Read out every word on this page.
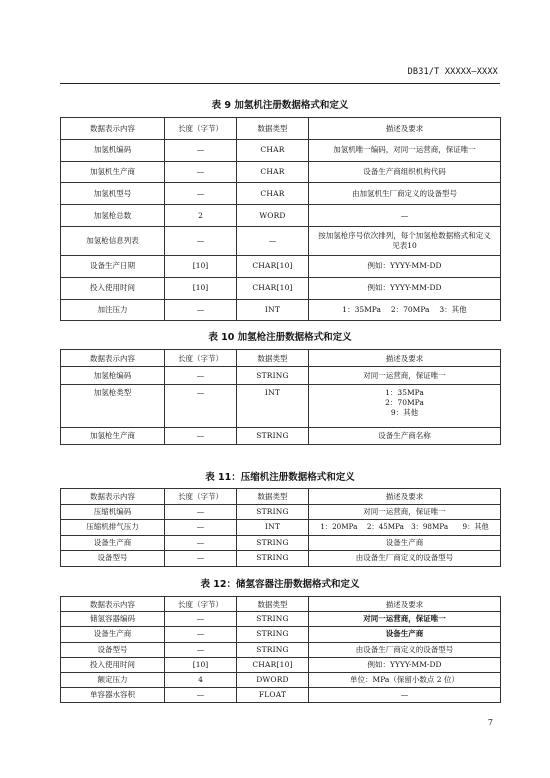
DB31/T XXXXX—XXXX
表 9 加氢机注册数据格式和定义
数据表示内容	长度（字节）	数据类型	描述及要求
加氢机编码	—	CHAR	加氢机唯一编码，对同一运营商，保证唯一
加氢机生产商	—	CHAR	设备生产商组织机构代码
加氢机型号	—	CHAR	由加氢机生厂商定义的设备型号
加氢枪总数	2	WORD	—
加氢枪信息列表	—	—	按加氢枪序号依次排列，每个加氢枪数据格式和定义见表10
设备生产日期	[10]	CHAR[10]	例如：YYYY-MM-DD
投入使用时间	[10]	CHAR[10]	例如：YYYY-MM-DD
加注压力	—	INT	1：35MPa　 2：70MPa　 3：其他
表 10 加氢枪注册数据格式和定义
数据表示内容	长度（字节）	数据类型	描述及要求
加氢枪编码	—	STRING	对同一运营商，保证唯一
加氢枪类型	—	INT	1：35MPa
2：70MPa
9：其他

加氢枪生产商	—	STRING	设备生产商名称
表 11：压缩机注册数据格式和定义
数据表示内容	长度（字节）	数据类型	描述及要求
压缩机编码	—	STRING	对同一运营商，保证唯一
压缩机排气压力	—	INT	1：20MPa　 2：45MPa　3：98MPa　　9：其他
设备生产商	—	STRING	设备生产商
设备型号	—	STRING	由设备生厂商定义的设备型号
表 12：储氢容器注册数据格式和定义
数据表示内容	长度（字节）	数据类型	描述及要求
储氢容器编码	—	STRING	对同一运营商，保证唯一
设备生产商	—	STRING	设备生产商
设备型号	—	STRING	由设备生厂商定义的设备型号
投入使用时间	[10]	CHAR[10]	例如：YYYY-MM-DD
额定压力	4	DWORD	单位：MPa（保留小数点 2 位）
单容器水容积	—	FLOAT	—
7
